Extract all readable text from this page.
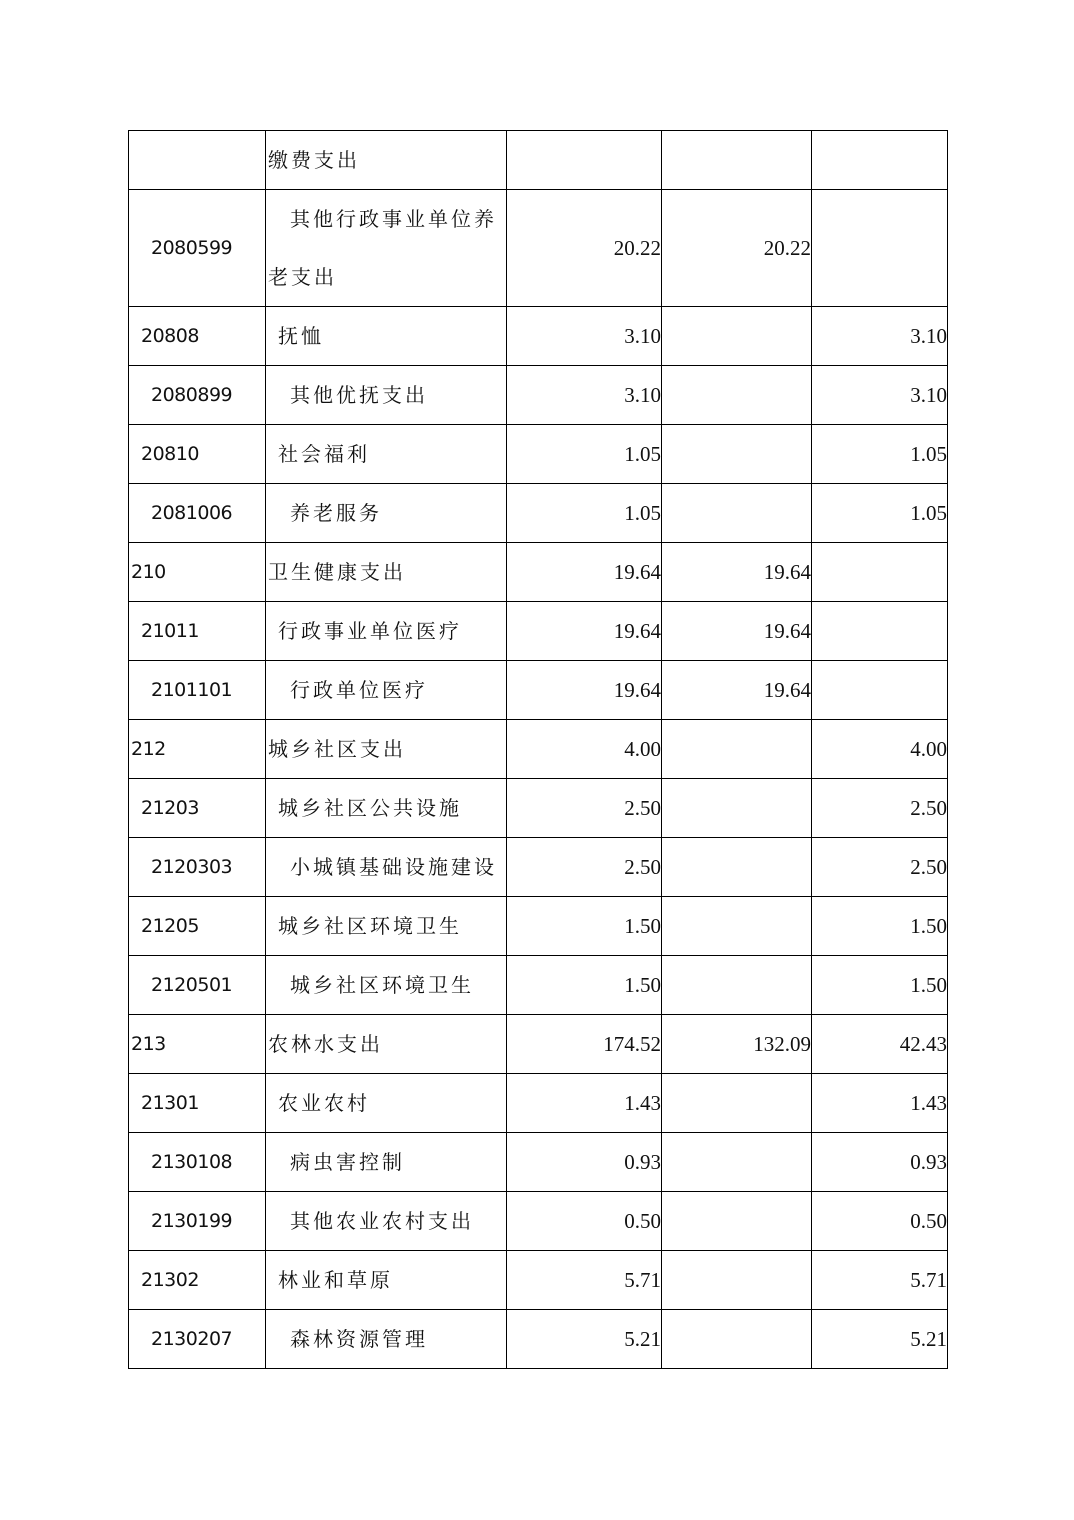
	缴费支出			
2080599	其他行政事业单位养老支出	20.22	20.22	
20808	抚恤	3.10		3.10
2080899	其他优抚支出	3.10		3.10
20810	社会福利	1.05		1.05
2081006	养老服务	1.05		1.05
210	卫生健康支出	19.64	19.64	
21011	行政事业单位医疗	19.64	19.64	
2101101	行政单位医疗	19.64	19.64	
212	城乡社区支出	4.00		4.00
21203	城乡社区公共设施	2.50		2.50
2120303	小城镇基础设施建设	2.50		2.50
21205	城乡社区环境卫生	1.50		1.50
2120501	城乡社区环境卫生	1.50		1.50
213	农林水支出	174.52	132.09	42.43
21301	农业农村	1.43		1.43
2130108	病虫害控制	0.93		0.93
2130199	其他农业农村支出	0.50		0.50
21302	林业和草原	5.71		5.71
2130207	森林资源管理	5.21		5.21
